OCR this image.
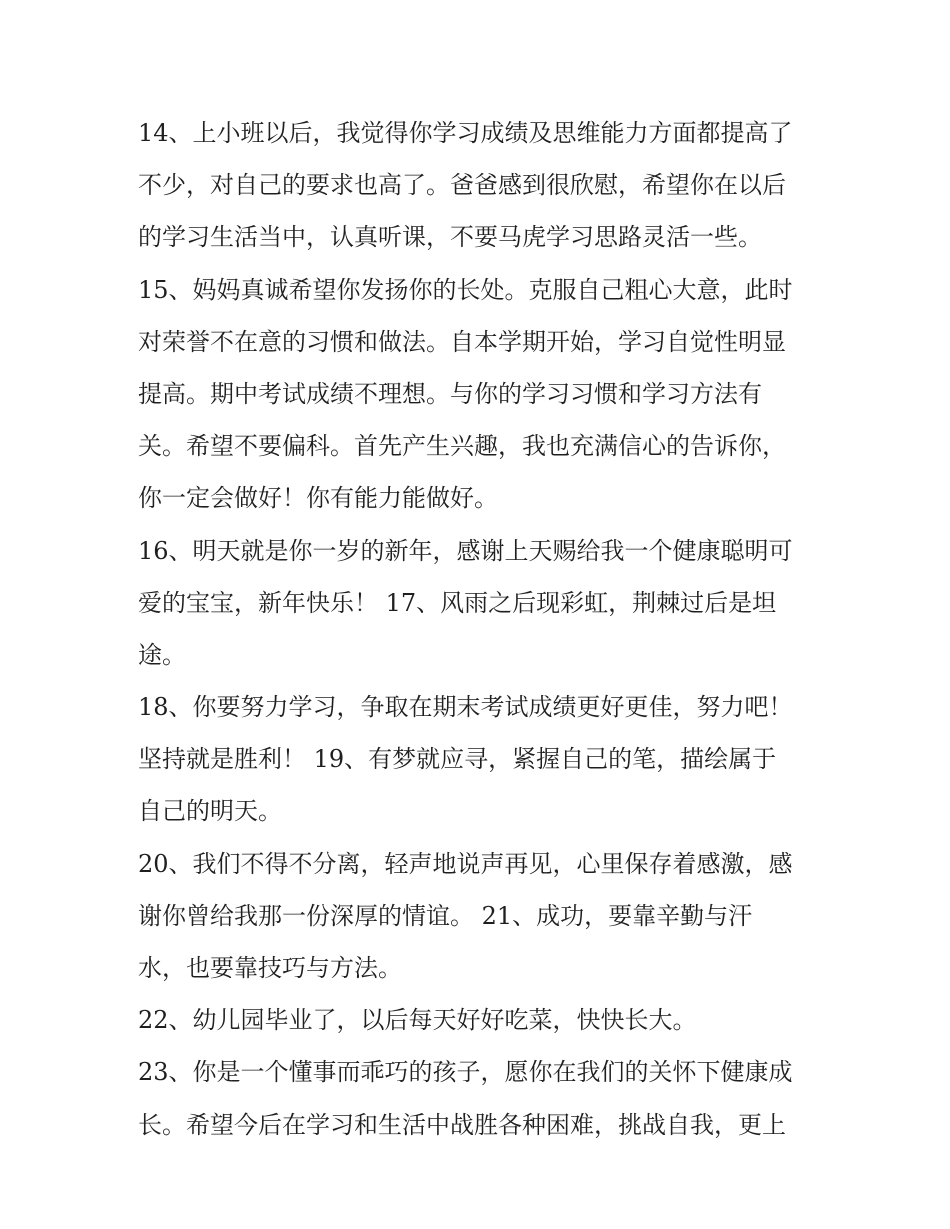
14、上小班以后，我觉得你学习成绩及思维能力方面都提高了
不少，对自己的要求也高了。爸爸感到很欣慰，希望你在以后
的学习生活当中，认真听课，不要马虎学习思路灵活一些。
15、妈妈真诚希望你发扬你的长处。克服自己粗心大意，此时
对荣誉不在意的习惯和做法。自本学期开始，学习自觉性明显
提高。期中考试成绩不理想。与你的学习习惯和学习方法有
关。希望不要偏科。首先产生兴趣，我也充满信心的告诉你，
你一定会做好！你有能力能做好。
16、明天就是你一岁的新年，感谢上天赐给我一个健康聪明可
爱的宝宝，新年快乐！ 17、风雨之后现彩虹，荆棘过后是坦
途。
18、你要努力学习，争取在期末考试成绩更好更佳，努力吧！
坚持就是胜利！ 19、有梦就应寻，紧握自己的笔，描绘属于
自己的明天。
20、我们不得不分离，轻声地说声再见，心里保存着感激，感
谢你曾给我那一份深厚的情谊。 21、成功，要靠辛勤与汗
水，也要靠技巧与方法。
22、幼儿园毕业了，以后每天好好吃菜，快快长大。
23、你是一个懂事而乖巧的孩子，愿你在我们的关怀下健康成
长。希望今后在学习和生活中战胜各种困难，挑战自我，更上
